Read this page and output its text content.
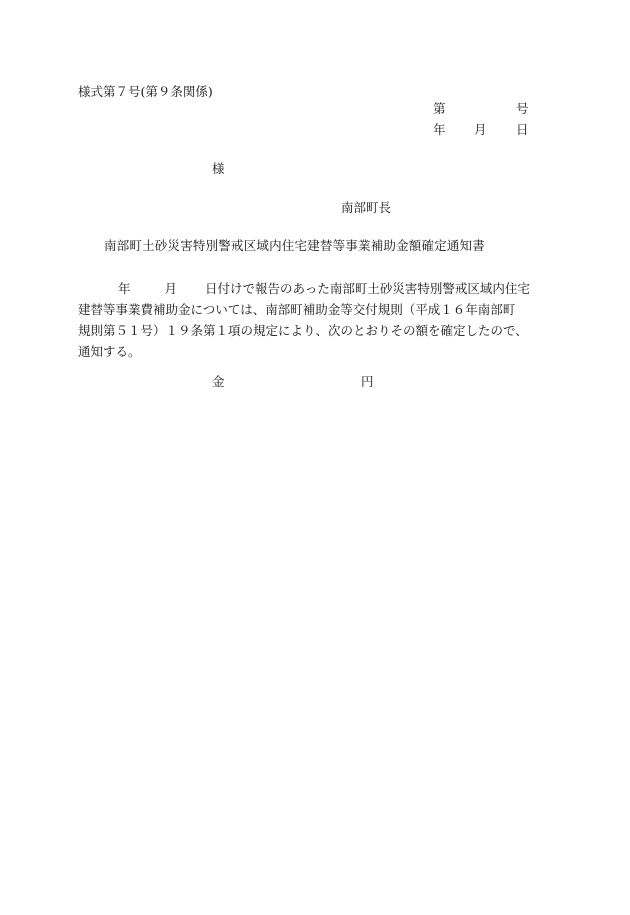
様式第７号(第９条関係)
第	号
年 月 日
様
南部町長
南部町土砂災害特別警戒区域内住宅建替等事業補助金額確定通知書
年	月 日付けで報告のあった南部町土砂災害特別警戒区域内住宅
建替等事業費補助金については、南部町補助金等交付規則（平成１６年南部町
規則第５１号）１９条第１項の規定により、次のとおりその額を確定したので、
通知する。
金	円
